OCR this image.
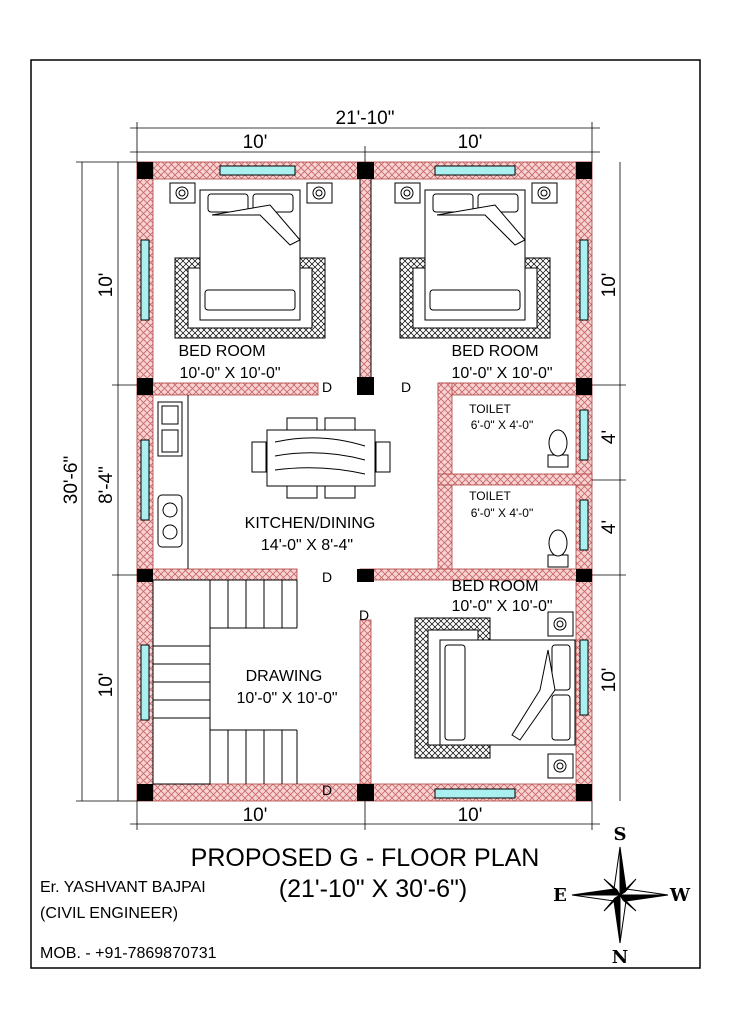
21'-10"
10'	10'
10'	10'
30'-6"
10'
8'-4"
10'
10'
4'
4'
10'
BED ROOM
10'-0" X 10'-0"
BED ROOM
10'-0" X 10'-0"
TOILET
6'-0" X 4'-0"
TOILET
6'-0" X 4'-0"
KITCHEN/DINING
14'-0" X 8'-4"
BED ROOM
10'-0" X 10'-0"
DRAWING
10'-0" X 10'-0"
D	D
D
D
D
PROPOSED G - FLOOR PLAN
(21'-10" X 30'-6")
Er. YASHVANT BAJPAI
(CIVIL ENGINEER)
MOB. - +91-7869870731
S
N
E	W
